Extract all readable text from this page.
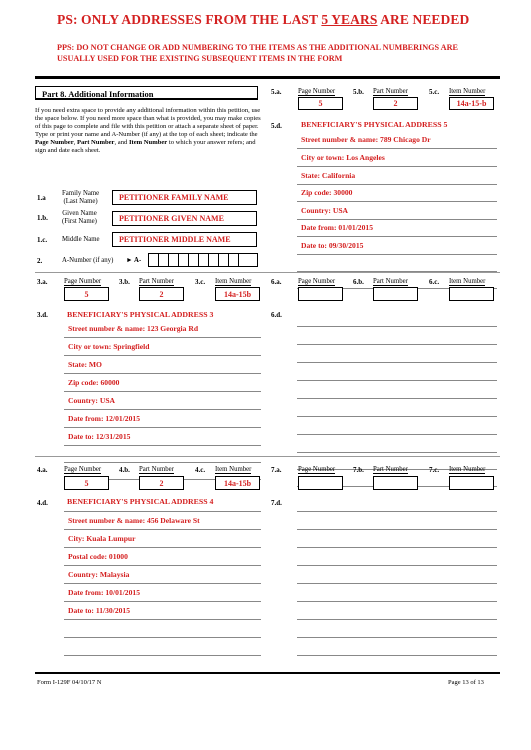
PS: ONLY ADDRESSES FROM THE LAST 5 YEARS ARE NEEDED
PPS: DO NOT CHANGE OR ADD NUMBERING TO THE ITEMS AS THE ADDITIONAL NUMBERINGS ARE USUALLY USED FOR THE EXISTING SUBSEQUENT ITEMS IN THE FORM
Part 8. Additional Information
If you need extra space to provide any additional information within this petition, use the space below. If you need more space than what is provided, you may make copies of this page to complete and file with this petition or attach a separate sheet of paper. Type or print your name and A-Number (if any) at the top of each sheet; indicate the Page Number, Part Number, and Item Number to which your answer refers; and sign and date each sheet.
1.a
Family Name
(Last Name)	PETITIONER FAMILY NAME
1.b.
Given Name
(First Name)	PETITIONER GIVEN NAME
1.c. Middle Name	PETITIONER MIDDLE NAME
2.	A-Number (if any) ► A-
5.a. Page Number	5.b. Part Number	5.c. Item Number
5	2	14a-15-b
5.d. BENEFICIARY'S PHYSICAL ADDRESS 5
Street number & name: 789 Chicago Dr
City or town: Los Angeles
State: California
Zip code: 30000
Country: USA
Date from: 01/01/2015
Date to: 09/30/2015
3.a. Page Number	3.b. Part Number	3.c. Item Number
5	2	14a-15b
3.d. BENEFICIARY'S PHYSICAL ADDRESS 3
Street number & name: 123 Georgia Rd
City or town: Springfield
State: MO
Zip code: 60000
Country: USA
Date from: 12/01/2015
Date to: 12/31/2015
6.a. Page Number	6.b. Part Number	6.c. Item Number
6.d.
4.a. Page Number	4.b. Part Number	4.c. Item Number
5	2	14a-15b
4.d. BENEFICIARY'S PHYSICAL ADDRESS 4
Street number & name: 456 Delaware St
City: Kuala Lumpur
Postal code: 01000
Country: Malaysia
Date from: 10/01/2015
Date to: 11/30/2015
7.a. Page Number	7.b. Part Number	7.c. Item Number
7.d.
Form I-129F 04/10/17 N	Page 13 of 13
